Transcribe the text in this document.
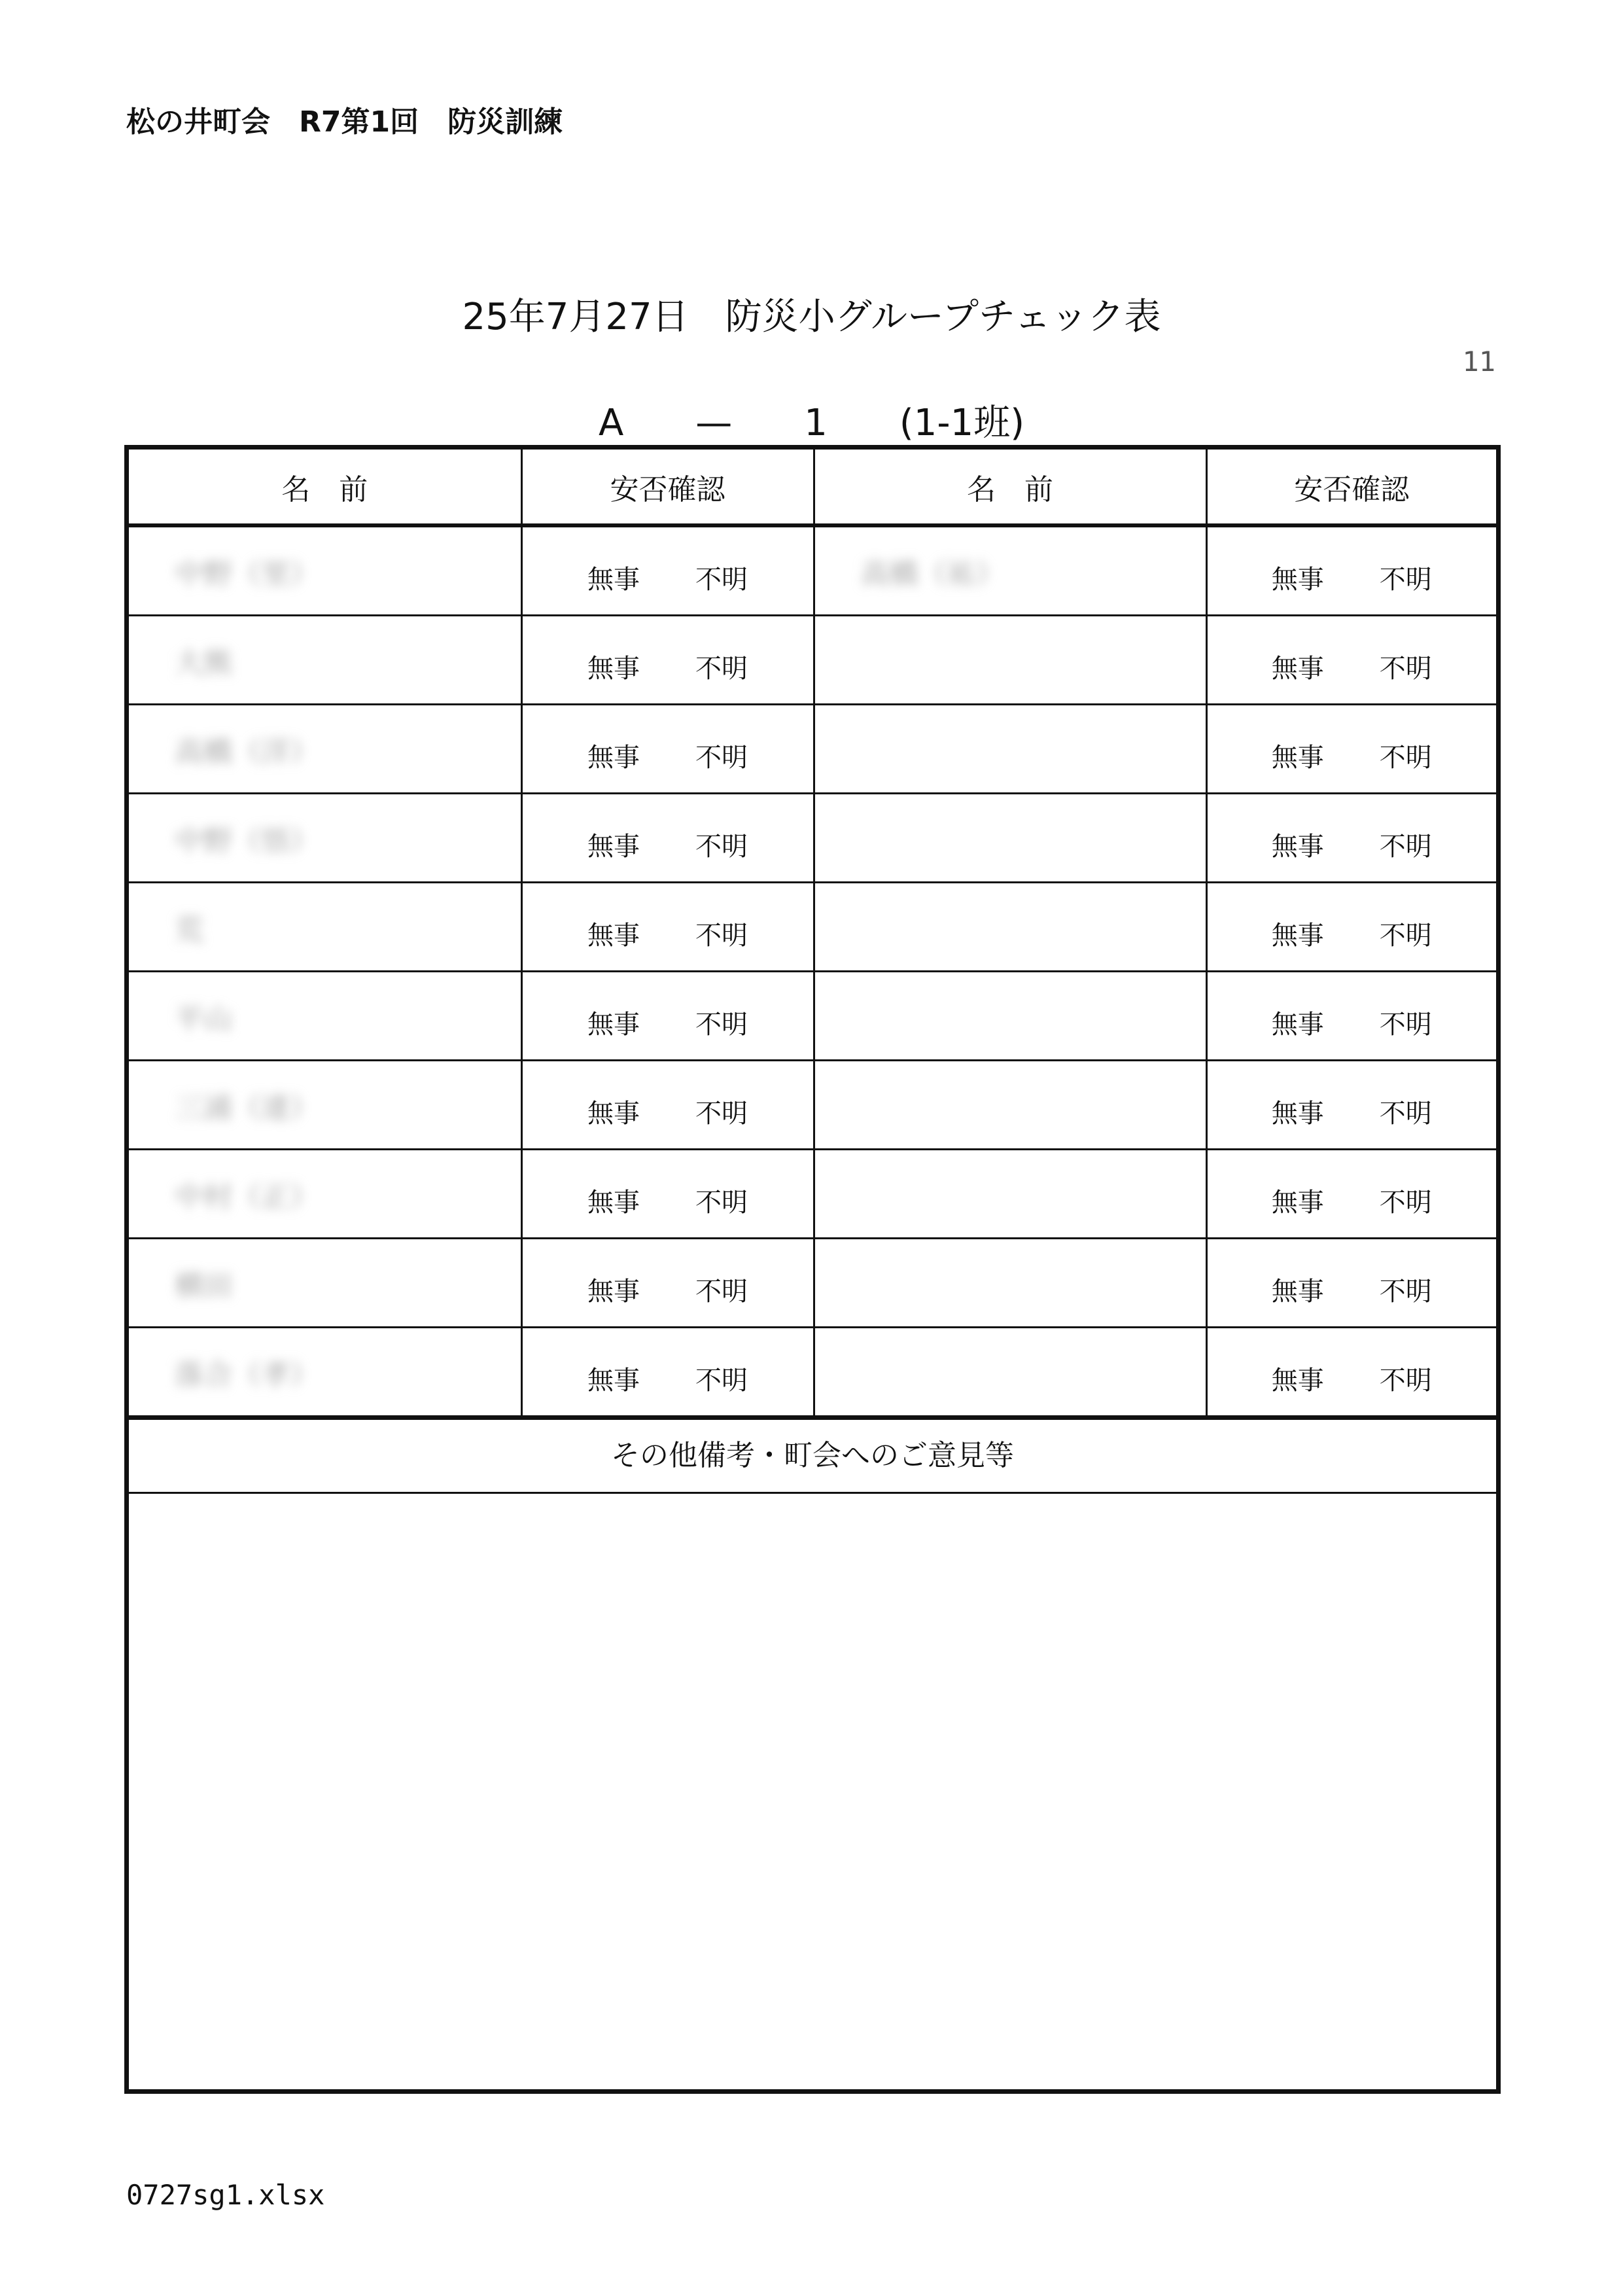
松の井町会　R7第1回　防災訓練
25年7月27日　防災小グループチェック表
11
A — 1 (1-1班)
名　前	安否確認	名　前	安否確認
中野（里）	無事 不明	高橋（祐）	無事 不明
大熊	無事 不明		無事 不明
高橋（洋）	無事 不明		無事 不明
中野（悟）	無事 不明		無事 不明
荒	無事 不明		無事 不明
平山	無事 不明		無事 不明
三浦（達）	無事 不明		無事 不明
中村（正）	無事 不明		無事 不明
横田	無事 不明		無事 不明
落合（孝）	無事 不明		無事 不明
その他備考・町会へのご意見等
0727sg1.xlsx
